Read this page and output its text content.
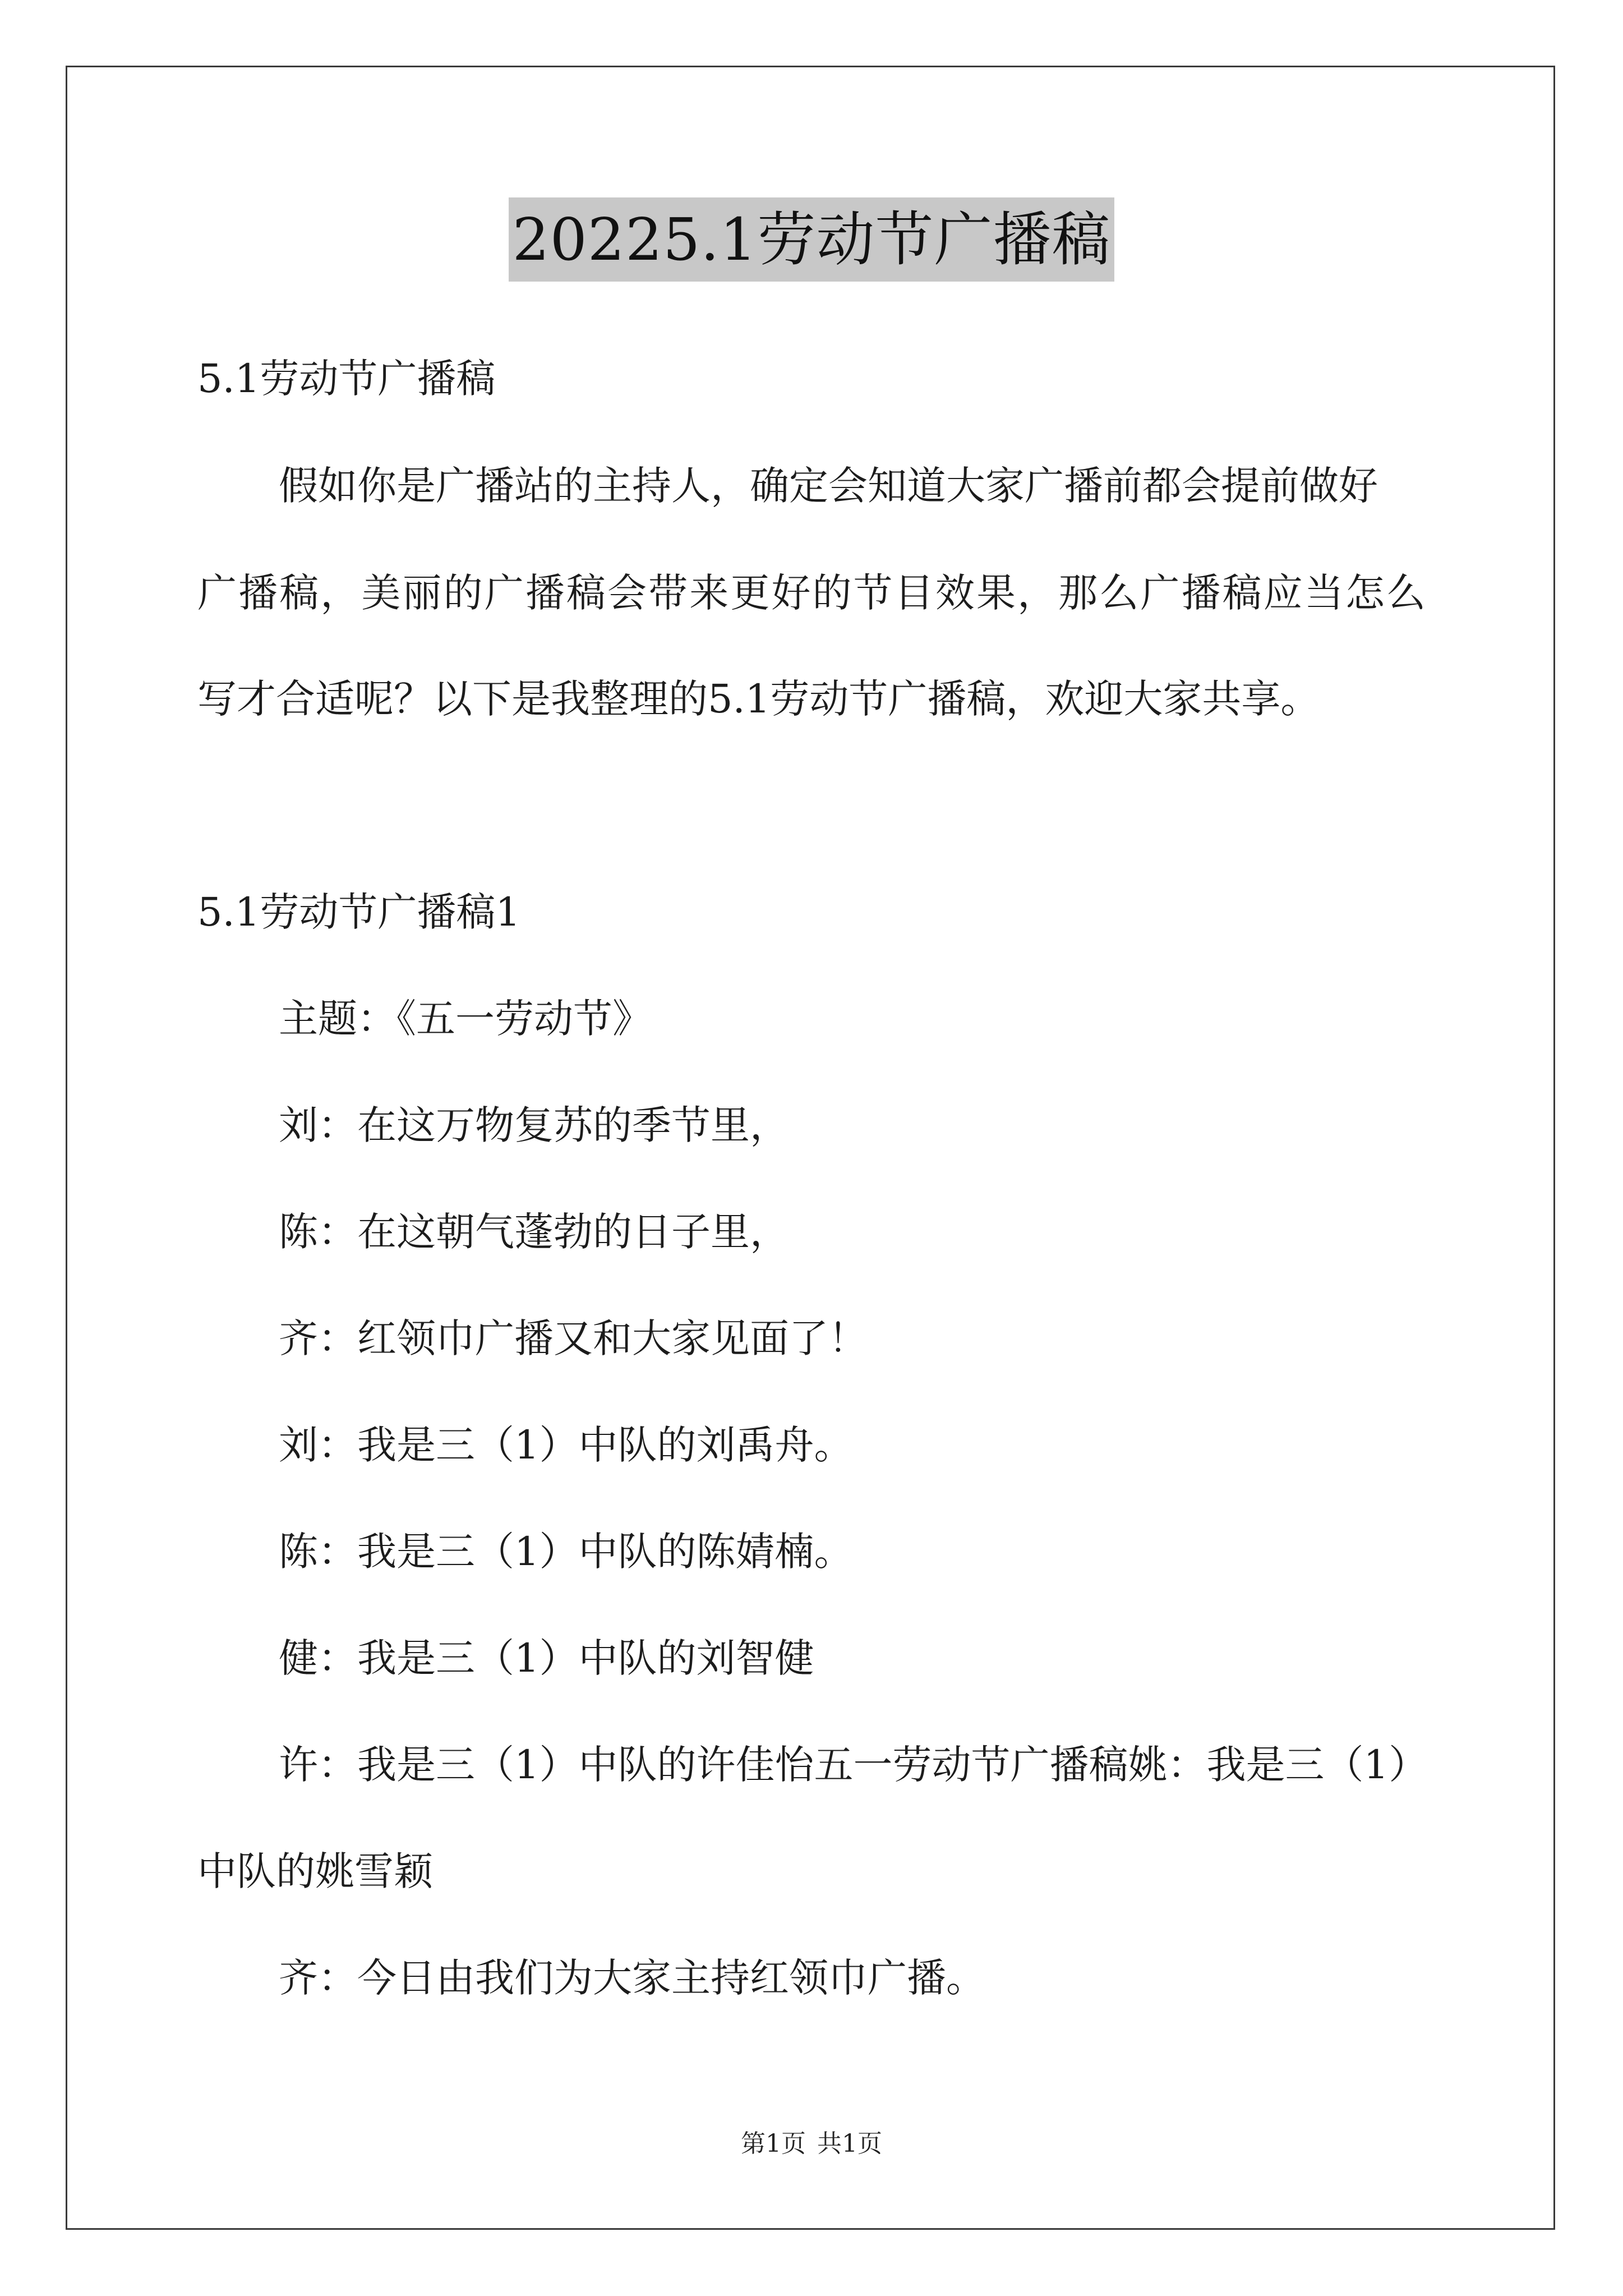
20225.1劳动节广播稿
5.1劳动节广播稿
假如你是广播站的主持人，确定会知道大家广播前都会提前做好
广播稿，美丽的广播稿会带来更好的节目效果，那么广播稿应当怎么
写才合适呢？以下是我整理的5.1劳动节广播稿，欢迎大家共享。
5.1劳动节广播稿1
主题：《五一劳动节》
刘：在这万物复苏的季节里，
陈：在这朝气蓬勃的日子里，
齐：红领巾广播又和大家见面了！
刘：我是三（1）中队的刘禹舟。
陈：我是三（1）中队的陈婧楠。
健：我是三（1）中队的刘智健
许：我是三（1）中队的许佳怡五一劳动节广播稿姚：我是三（1）
中队的姚雪颖
齐：今日由我们为大家主持红领巾广播。
第1页 共1页
